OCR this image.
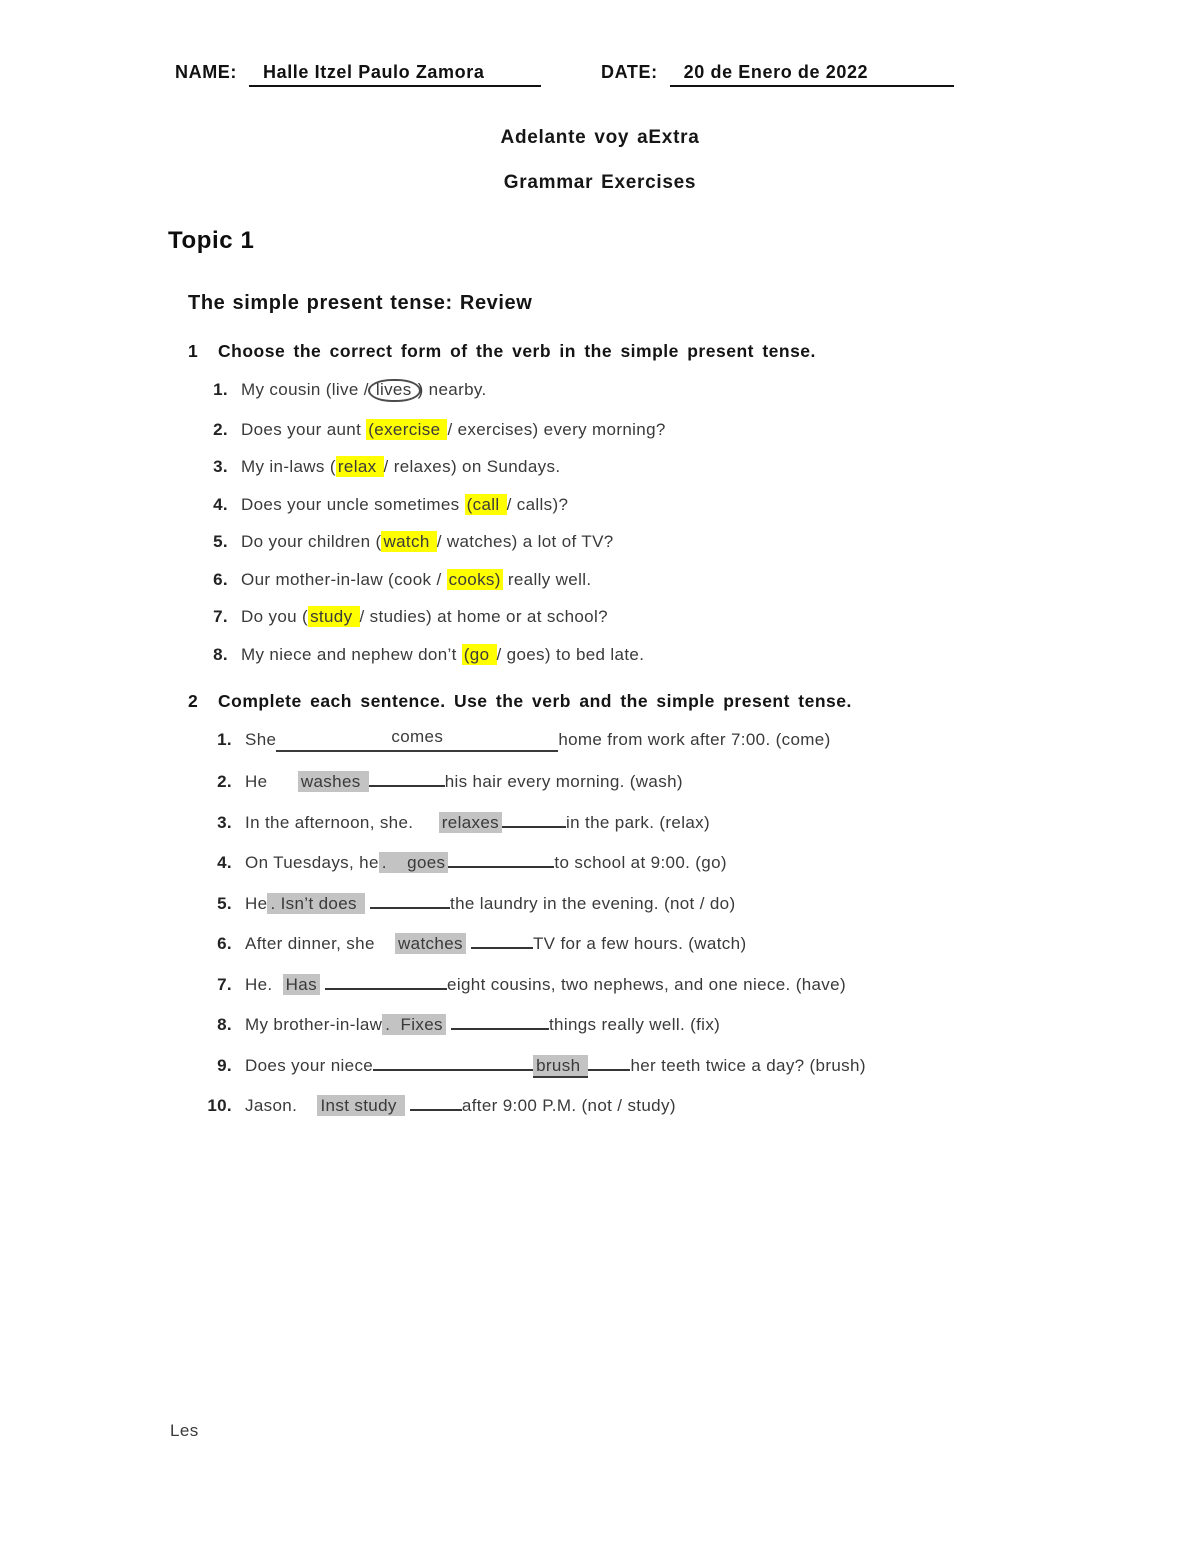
NAME:	Halle Itzel Paulo Zamora	DATE:	20 de Enero de 2022
Adelante voy aExtra
Grammar Exercises
Topic 1
The simple present tense: Review
1	Choose the correct form of the verb in the simple present tense.
1. My cousin (live / lives ) nearby.
2. Does your aunt (exercise / exercises) every morning?
3. My in-laws ( relax / relaxes) on Sundays.
4. Does your uncle sometimes (call / calls)?
5. Do your children ( watch / watches) a lot of TV?
6. Our mother-in-law (cook / cooks) really well.
7. Do you ( study / studies) at home or at school?
8. My niece and nephew don’t (go / goes) to bed late.
2	Complete each sentence. Use the verb and the simple present tense.
1. She	comes	home from work after 7:00. (come)
2. He      washes	his hair every morning. (wash)
3. In the afternoon, she.     relaxes	in the park. (relax)
4. On Tuesdays, he .    goes	to school at 9:00. (go)
5. He . Isn’t does	the laundry in the evening. (not / do)
6. After dinner, she    watches	TV for a few hours. (watch)
7. He.  Has	eight cousins, two nephews, and one niece. (have)
8. My brother-in-law .  Fixes	things really well. (fix)
9. Does your niece	brush	her teeth twice a day? (brush)
10. Jason.    Inst study	after 9:00 P.M. (not / study)
Les
